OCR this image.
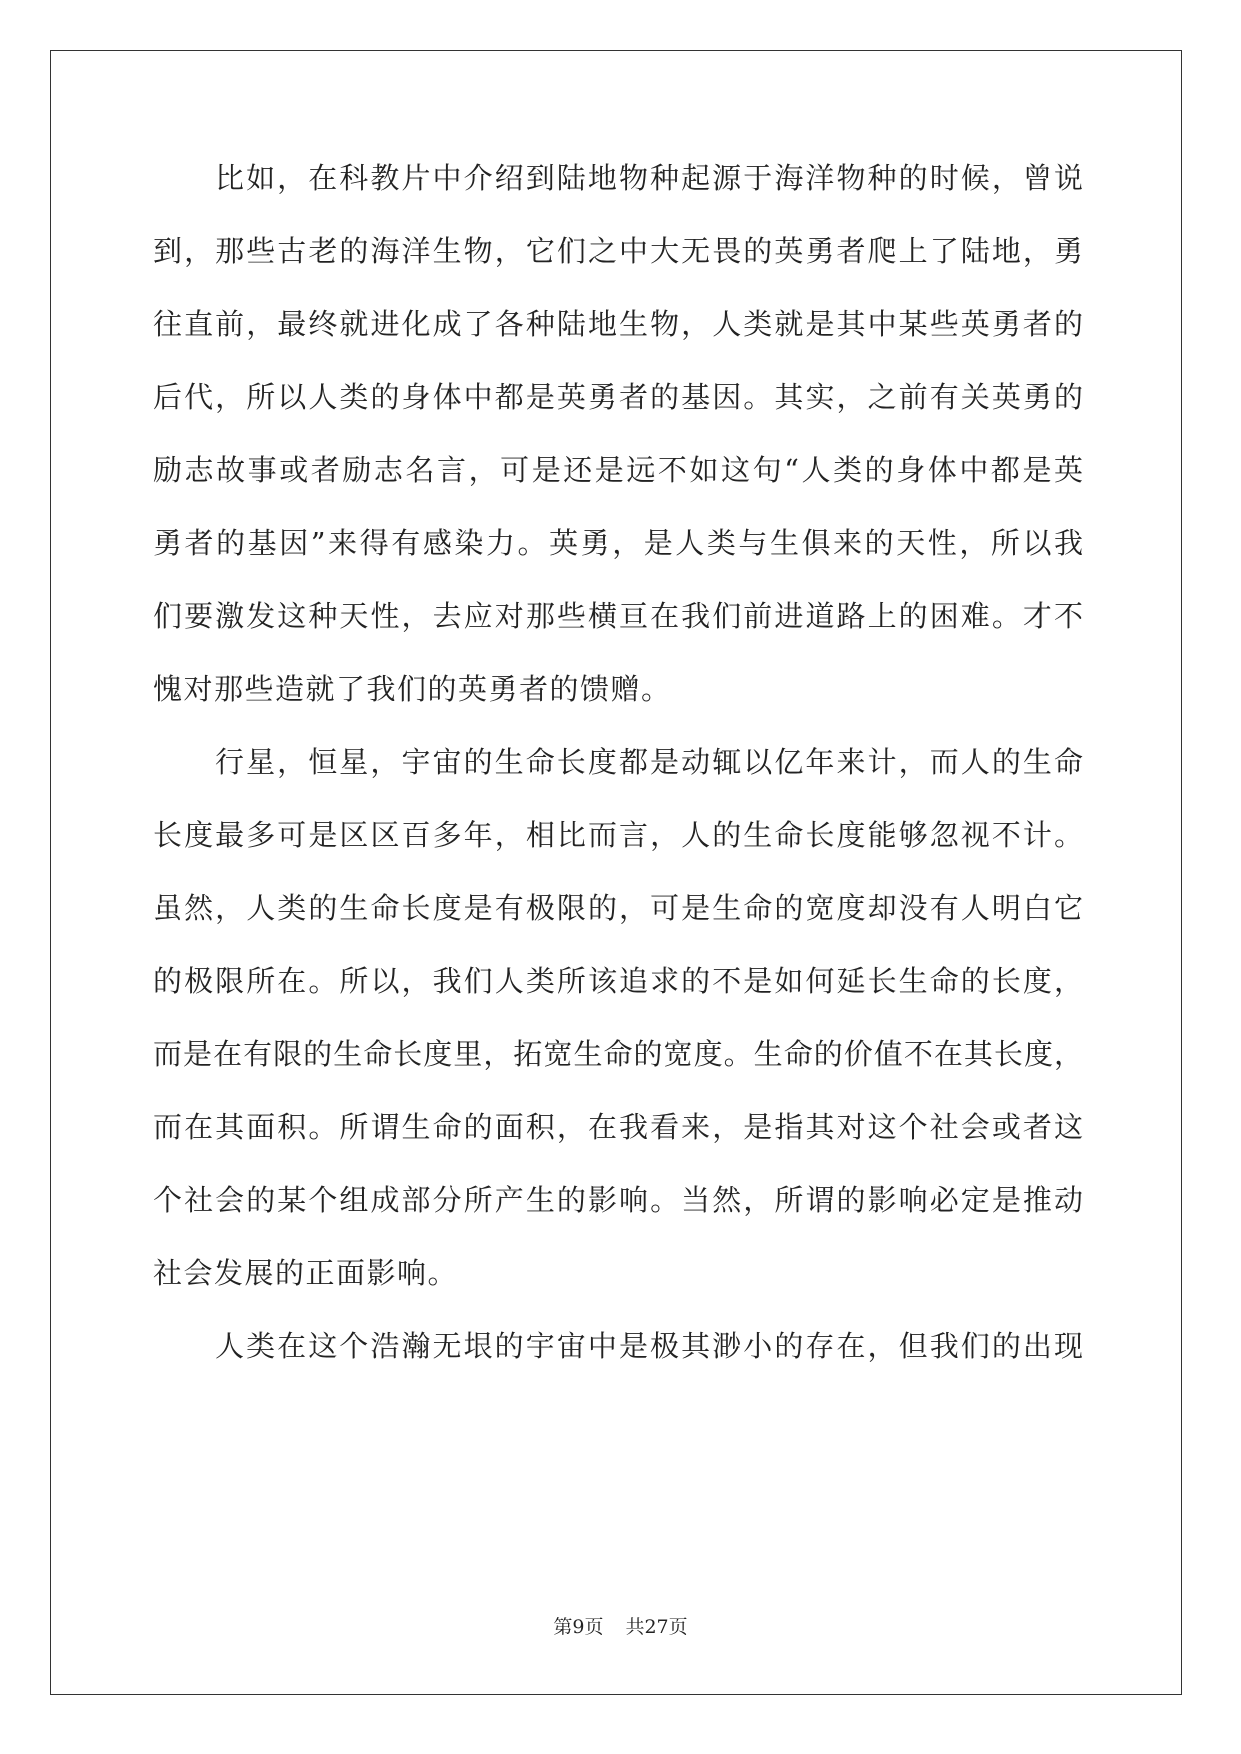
比如，在科教片中介绍到陆地物种起源于海洋物种的时候，曾说
到，那些古老的海洋生物，它们之中大无畏的英勇者爬上了陆地，勇
往直前，最终就进化成了各种陆地生物，人类就是其中某些英勇者的
后代，所以人类的身体中都是英勇者的基因。其实，之前有关英勇的
励志故事或者励志名言，可是还是远不如这句“人类的身体中都是英
勇者的基因”来得有感染力。英勇，是人类与生俱来的天性，所以我
们要激发这种天性，去应对那些横亘在我们前进道路上的困难。才不
愧对那些造就了我们的英勇者的馈赠。
行星，恒星，宇宙的生命长度都是动辄以亿年来计，而人的生命
长度最多可是区区百多年，相比而言，人的生命长度能够忽视不计。
虽然，人类的生命长度是有极限的，可是生命的宽度却没有人明白它
的极限所在。所以，我们人类所该追求的不是如何延长生命的长度，
而是在有限的生命长度里，拓宽生命的宽度。生命的价值不在其长度，
而在其面积。所谓生命的面积，在我看来，是指其对这个社会或者这
个社会的某个组成部分所产生的影响。当然，所谓的影响必定是推动
社会发展的正面影响。
人类在这个浩瀚无垠的宇宙中是极其渺小的存在，但我们的出现
第9页 共27页
